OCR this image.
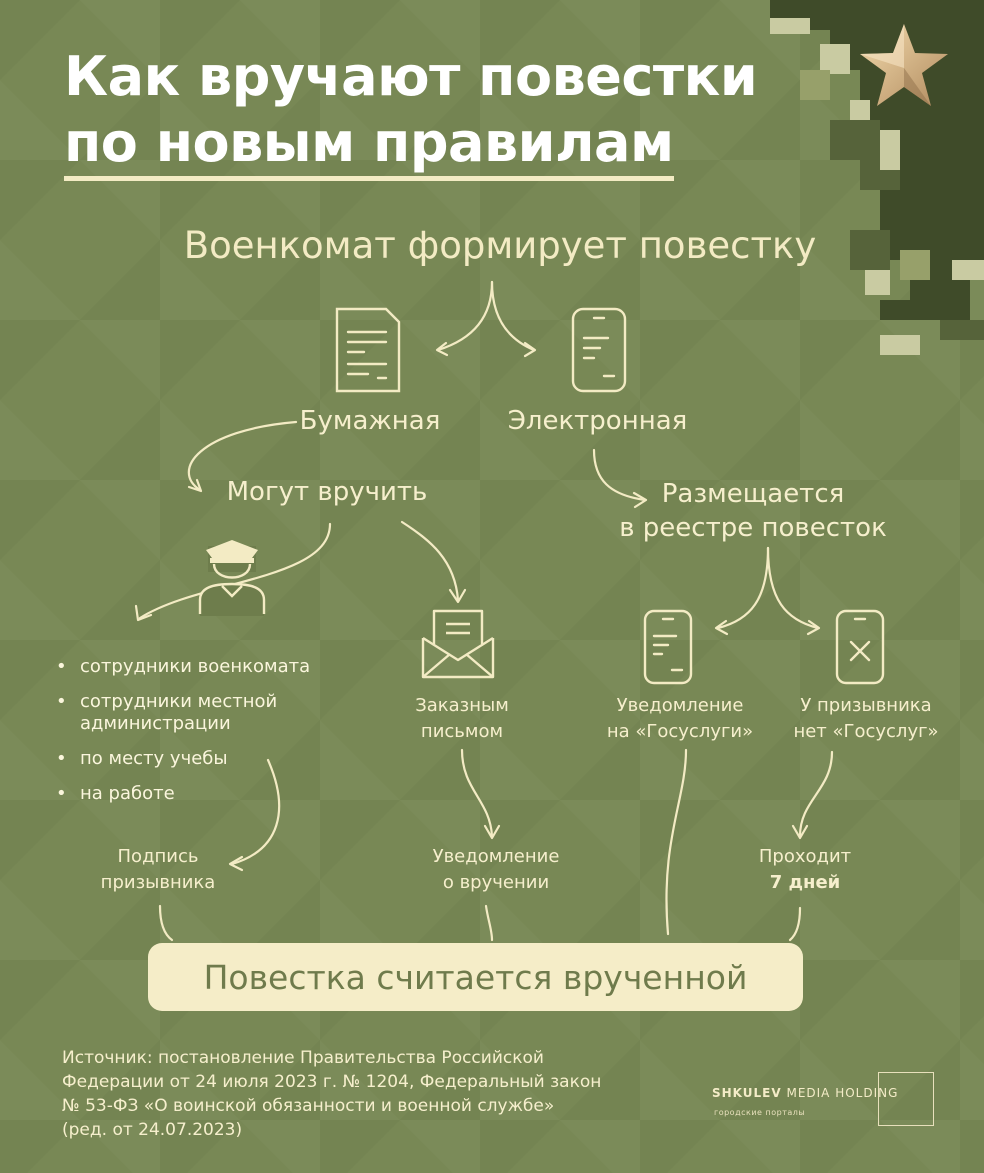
Как вручают повестки
по новым правилам
Военкомат формирует повестку
Бумажная	Электронная
Могут вручить	Размещается
в реестре повесток
• сотрудники военкомата
• сотрудники местной
администрации
• по месту учебы
• на работе
Заказным
письмом
Уведомление
на «Госуслуги»
У призывника
нет «Госуслуг»
Подпись
призывника
Уведомление
о вручении
Проходит
7 дней
Повестка считается врученной
Источник: постановление Правительства Российской
Федерации от 24 июля 2023 г. № 1204, Федеральный закон
№ 53-ФЗ «О воинской обязанности и военной службе»
(ред. от 24.07.2023)
SHKULEV MEDIA HOLDING
городские порталы
